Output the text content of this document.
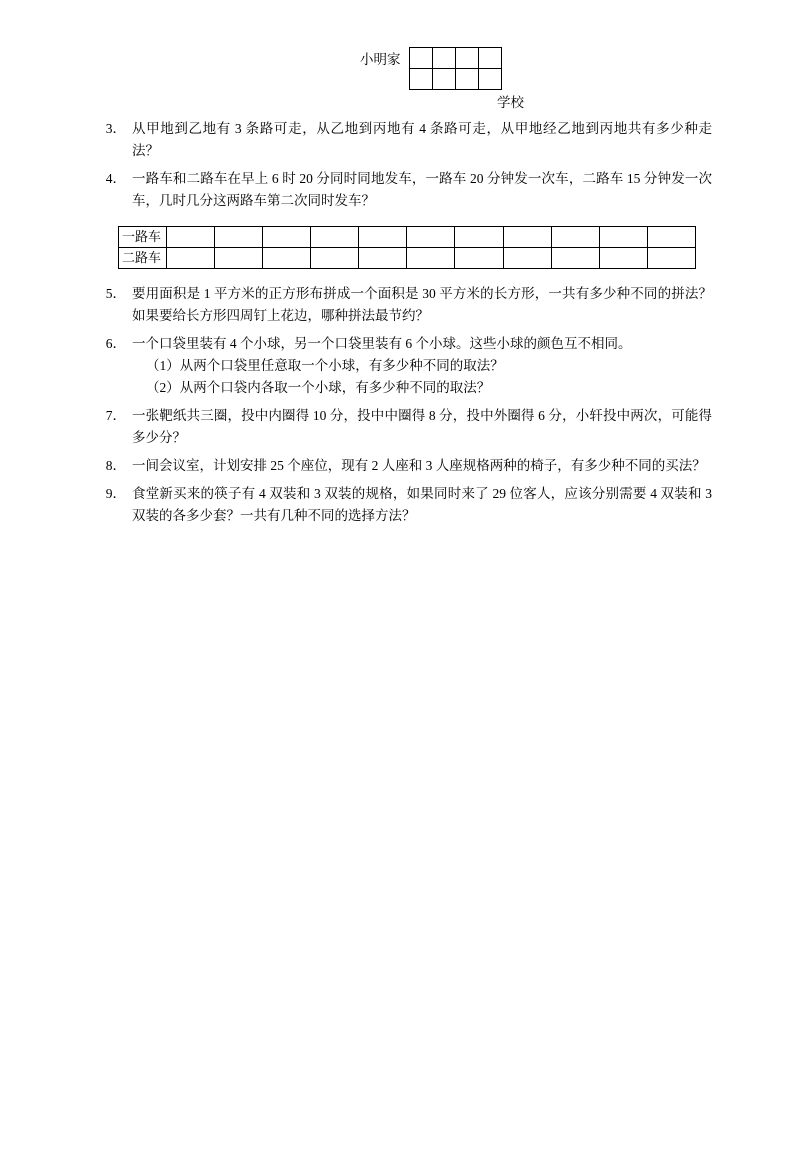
小明家
学校
3． 从甲地到乙地有 3 条路可走，从乙地到丙地有 4 条路可走，从甲地经乙地到丙地共有多少种走法？
4． 一路车和二路车在早上 6 时 20 分同时同地发车，一路车 20 分钟发一次车，二路车 15 分钟发一次车，几时几分这两路车第二次同时发车？
一路车											
二路车											
5． 要用面积是 1 平方米的正方形布拼成一个面积是 30 平方米的长方形，一共有多少种不同的拼法？如果要给长方形四周钉上花边，哪种拼法最节约？
6． 一个口袋里装有 4 个小球，另一个口袋里装有 6 个小球。这些小球的颜色互不相同。
（1）从两个口袋里任意取一个小球，有多少种不同的取法？
（2）从两个口袋内各取一个小球，有多少种不同的取法？
7． 一张靶纸共三圈，投中内圈得 10 分，投中中圈得 8 分，投中外圈得 6 分，小轩投中两次，可能得多少分？
8． 一间会议室，计划安排 25 个座位，现有 2 人座和 3 人座规格两种的椅子，有多少种不同的买法？
9． 食堂新买来的筷子有 4 双装和 3 双装的规格，如果同时来了 29 位客人，应该分别需要 4 双装和 3 双装的各多少套？一共有几种不同的选择方法？
